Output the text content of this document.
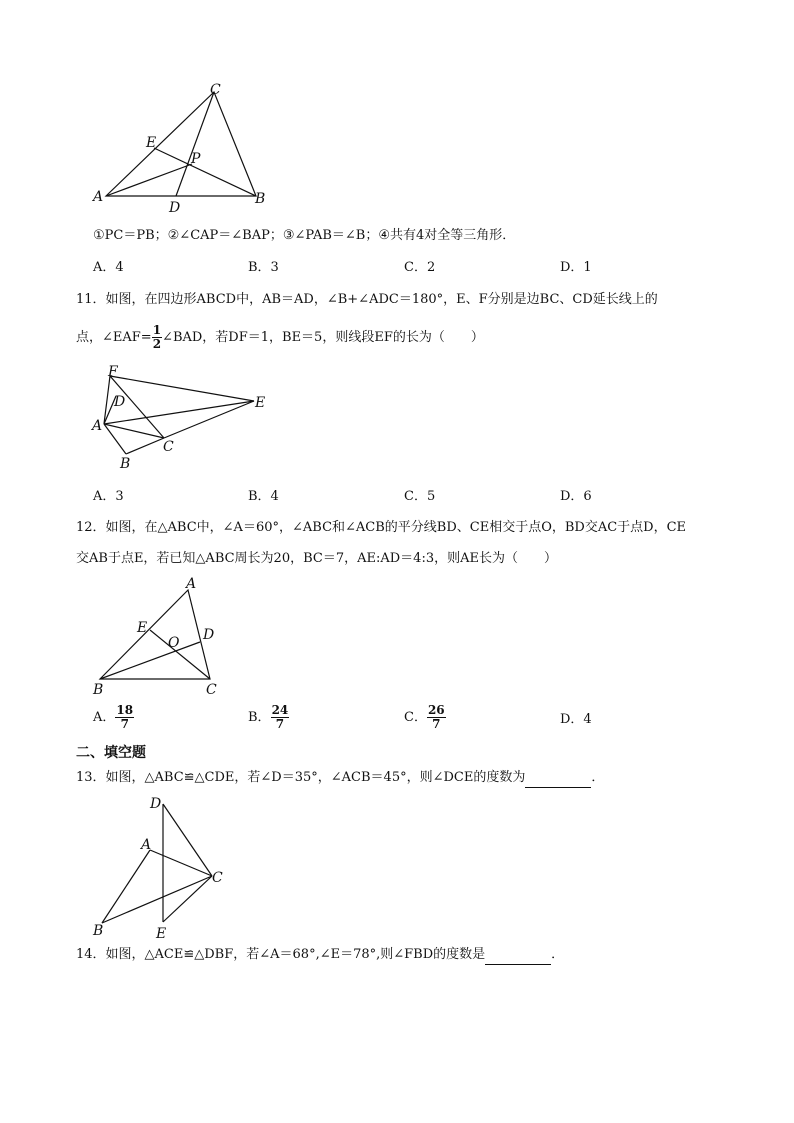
C
E
P
A
D
B
①PC＝PB；②∠CAP＝∠BAP；③∠PAB＝∠B；④共有4对全等三角形．
A．4	B．3	C．2	D．1
11．如图，在四边形ABCD中，AB＝AD，∠B+∠ADC＝180°，E、F分别是边BC、CD延长线上的
点，∠EAF= $\frac{1}{2}$ ∠BAD，若DF＝1，BE＝5，则线段EF的长为（　　）
F
D
A
E
C
B
A．3	B．4	C．5	D．6
12．如图，在△ABC中，∠A＝60°，∠ABC和∠ACB的平分线BD、CE相交于点O，BD交AC于点D，CE
交AB于点E，若已知△ABC周长为20，BC＝7，AE:AD＝4:3，则AE长为（　　）
A
E
O D
B	C
A． $\frac{18}{7}$	B． $\frac{24}{7}$	C． $\frac{26}{7}$	D．4
二、填空题
13．如图，△ABC≌△CDE，若∠D＝35°，∠ACB＝45°，则∠DCE的度数为	．
D
A
C
B	E
14．如图，△ACE≌△DBF，若∠A＝68°,∠E＝78°,则∠FBD的度数是	．
